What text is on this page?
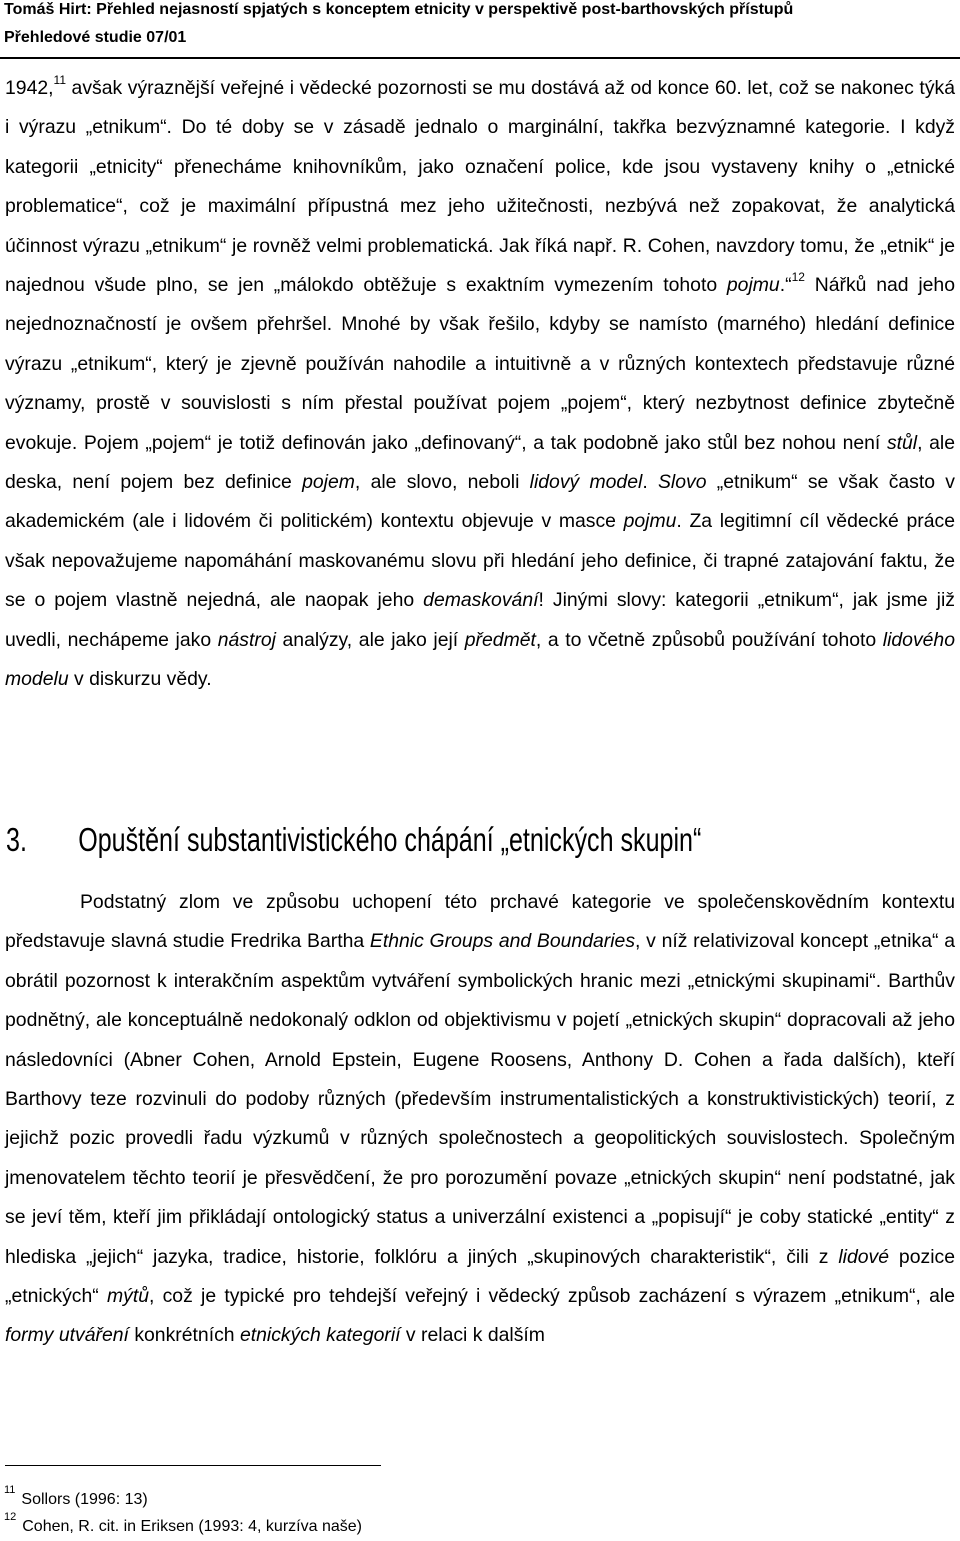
Tomáš Hirt: Přehled nejasností spjatých s konceptem etnicity v perspektivě post-barthovských přístupů
Přehledové studie 07/01

1942,11 avšak výraznější veřejné i vědecké pozornosti se mu dostává až od konce 60. let, což se nakonec týká i výrazu „etnikum“. Do té doby se v zásadě jednalo o marginální, takřka bezvýznamné kategorie. I když kategorii „etnicity“ přenecháme knihovníkům, jako označení police, kde jsou vystaveny knihy o „etnické problematice“, což je maximální přípustná mez jeho užitečnosti, nezbývá než zopakovat, že analytická účinnost výrazu „etnikum“ je rovněž velmi problematická. Jak říká např. R. Cohen, navzdory tomu, že „etnik“ je najednou všude plno, se jen „málokdo obtěžuje s exaktním vymezením tohoto pojmu.“$^{12}$ Nářků nad jeho nejednoznačností je ovšem přehršel. Mnohé by však řešilo, kdyby se namísto (marného) hledání definice výrazu „etnikum“, který je zjevně používán nahodile a intuitivně a v různých kontextech představuje různé významy, prostě v souvislosti s ním přestal používat pojem „pojem“, který nezbytnost definice zbytečně evokuje. Pojem „pojem“ je totiž definován jako „definovaný“, a tak podobně jako stůl bez nohou není stůl, ale deska, není pojem bez definice pojem, ale slovo, neboli lidový model. Slovo „etnikum“ se však často v akademickém (ale i lidovém či politickém) kontextu objevuje v masce pojmu. Za legitimní cíl vědecké práce však nepovažujeme napomáhání maskovanému slovu při hledání jeho definice, či trapné zatajování faktu, že se o pojem vlastně nejedná, ale naopak jeho demaskování! Jinými slovy: kategorii „etnikum“, jak jsme již uvedli, nechápeme jako nástroj analýzy, ale jako její předmět, a to včetně způsobů používání tohoto lidového modelu v diskurzu vědy.

3. Opuštění substantivistického chápání „etnických skupin“

Podstatný zlom ve způsobu uchopení této prchavé kategorie ve společenskovědním kontextu představuje slavná studie Fredrika Bartha Ethnic Groups and Boundaries, v níž relativizoval koncept „etnika“ a obrátil pozornost k interakčním aspektům vytváření symbolických hranic mezi „etnickými skupinami“. Barthův podnětný, ale konceptuálně nedokonalý odklon od objektivismu v pojetí „etnických skupin“ dopracovali až jeho následovníci (Abner Cohen, Arnold Epstein, Eugene Roosens, Anthony D. Cohen a řada dalších), kteří Barthovy teze rozvinuli do podoby různých (především instrumentalistických a konstruktivistických) teorií, z jejichž pozic provedli řadu výzkumů v různých společnostech a geopolitických souvislostech. Společným jmenovatelem těchto teorií je přesvědčení, že pro porozumění povaze „etnických skupin“ není podstatné, jak se jeví těm, kteří jim přikládají ontologický status a univerzální existenci a „popisují“ je coby statické „entity“ z hlediska „jejich“ jazyka, tradice, historie, folklóru a jiných „skupinových charakteristik“, čili z lidové pozice „etnických“ mýtů, což je typické pro tehdejší veřejný i vědecký způsob zacházení s výrazem „etnikum“, ale formy utváření konkrétních etnických kategorií v relaci k dalším

$^{11}$Sollors (1996: 13)
$^{12}$Cohen, R. cit. in Eriksen (1993: 4, kurzíva naše)
